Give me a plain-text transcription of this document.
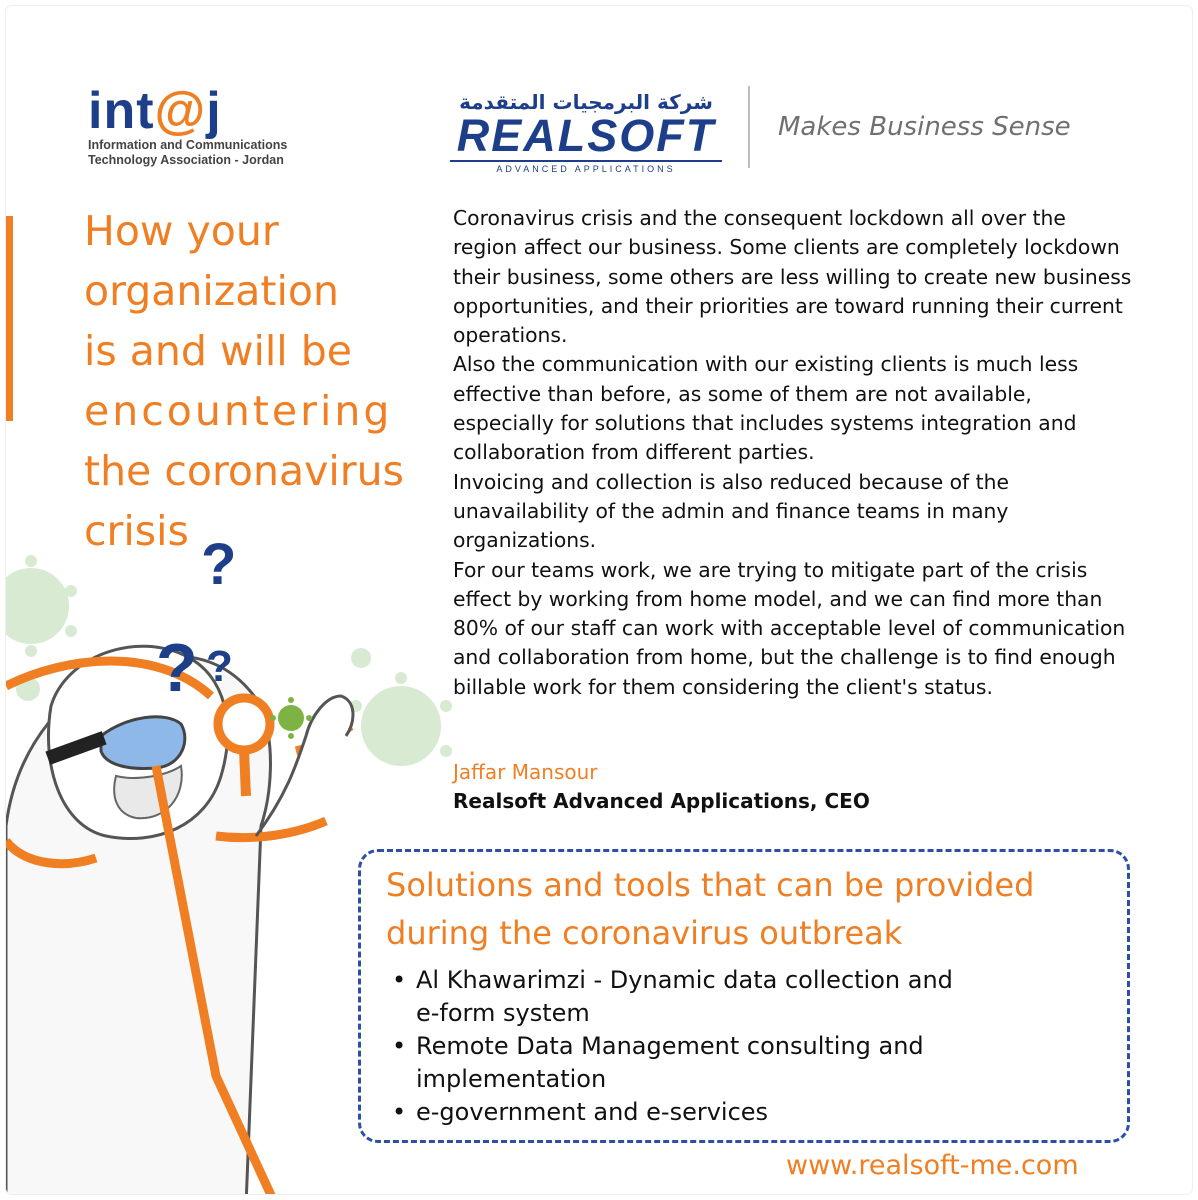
?
? ?
int@j
Information and Communications
Technology Association - Jordan
شركة البرمجيات المتقدمة
REALSOFT
ADVANCED APPLICATIONS
Makes Business Sense
How your
organization
is and will be
encountering
the coronavirus
crisis

Coronavirus crisis and the consequent lockdown all over the region affect our business. Some clients are completely lockdown their business, some others are less willing to create new business opportunities, and their priorities are toward running their current operations.

Also the communication with our existing clients is much less effective than before, as some of them are not available, especially for solutions that includes systems integration and collaboration from different parties.

Invoicing and collection is also reduced because of the unavailability of the admin and finance teams in many organizations.

For our teams work, we are trying to mitigate part of the crisis effect by working from home model, and we can find more than 80% of our staff can work with acceptable level of communication and collaboration from home, but the challenge is to find enough billable work for them considering the client's status.

Jaffar Mansour
Realsoft Advanced Applications, CEO
Solutions and tools that can be provided
during the coronavirus outbreak
• Al Khawarimzi - Dynamic data collection and
e-form system
• Remote Data Management consulting and
implementation
• e-government and e-services
www.realsoft-me.com
